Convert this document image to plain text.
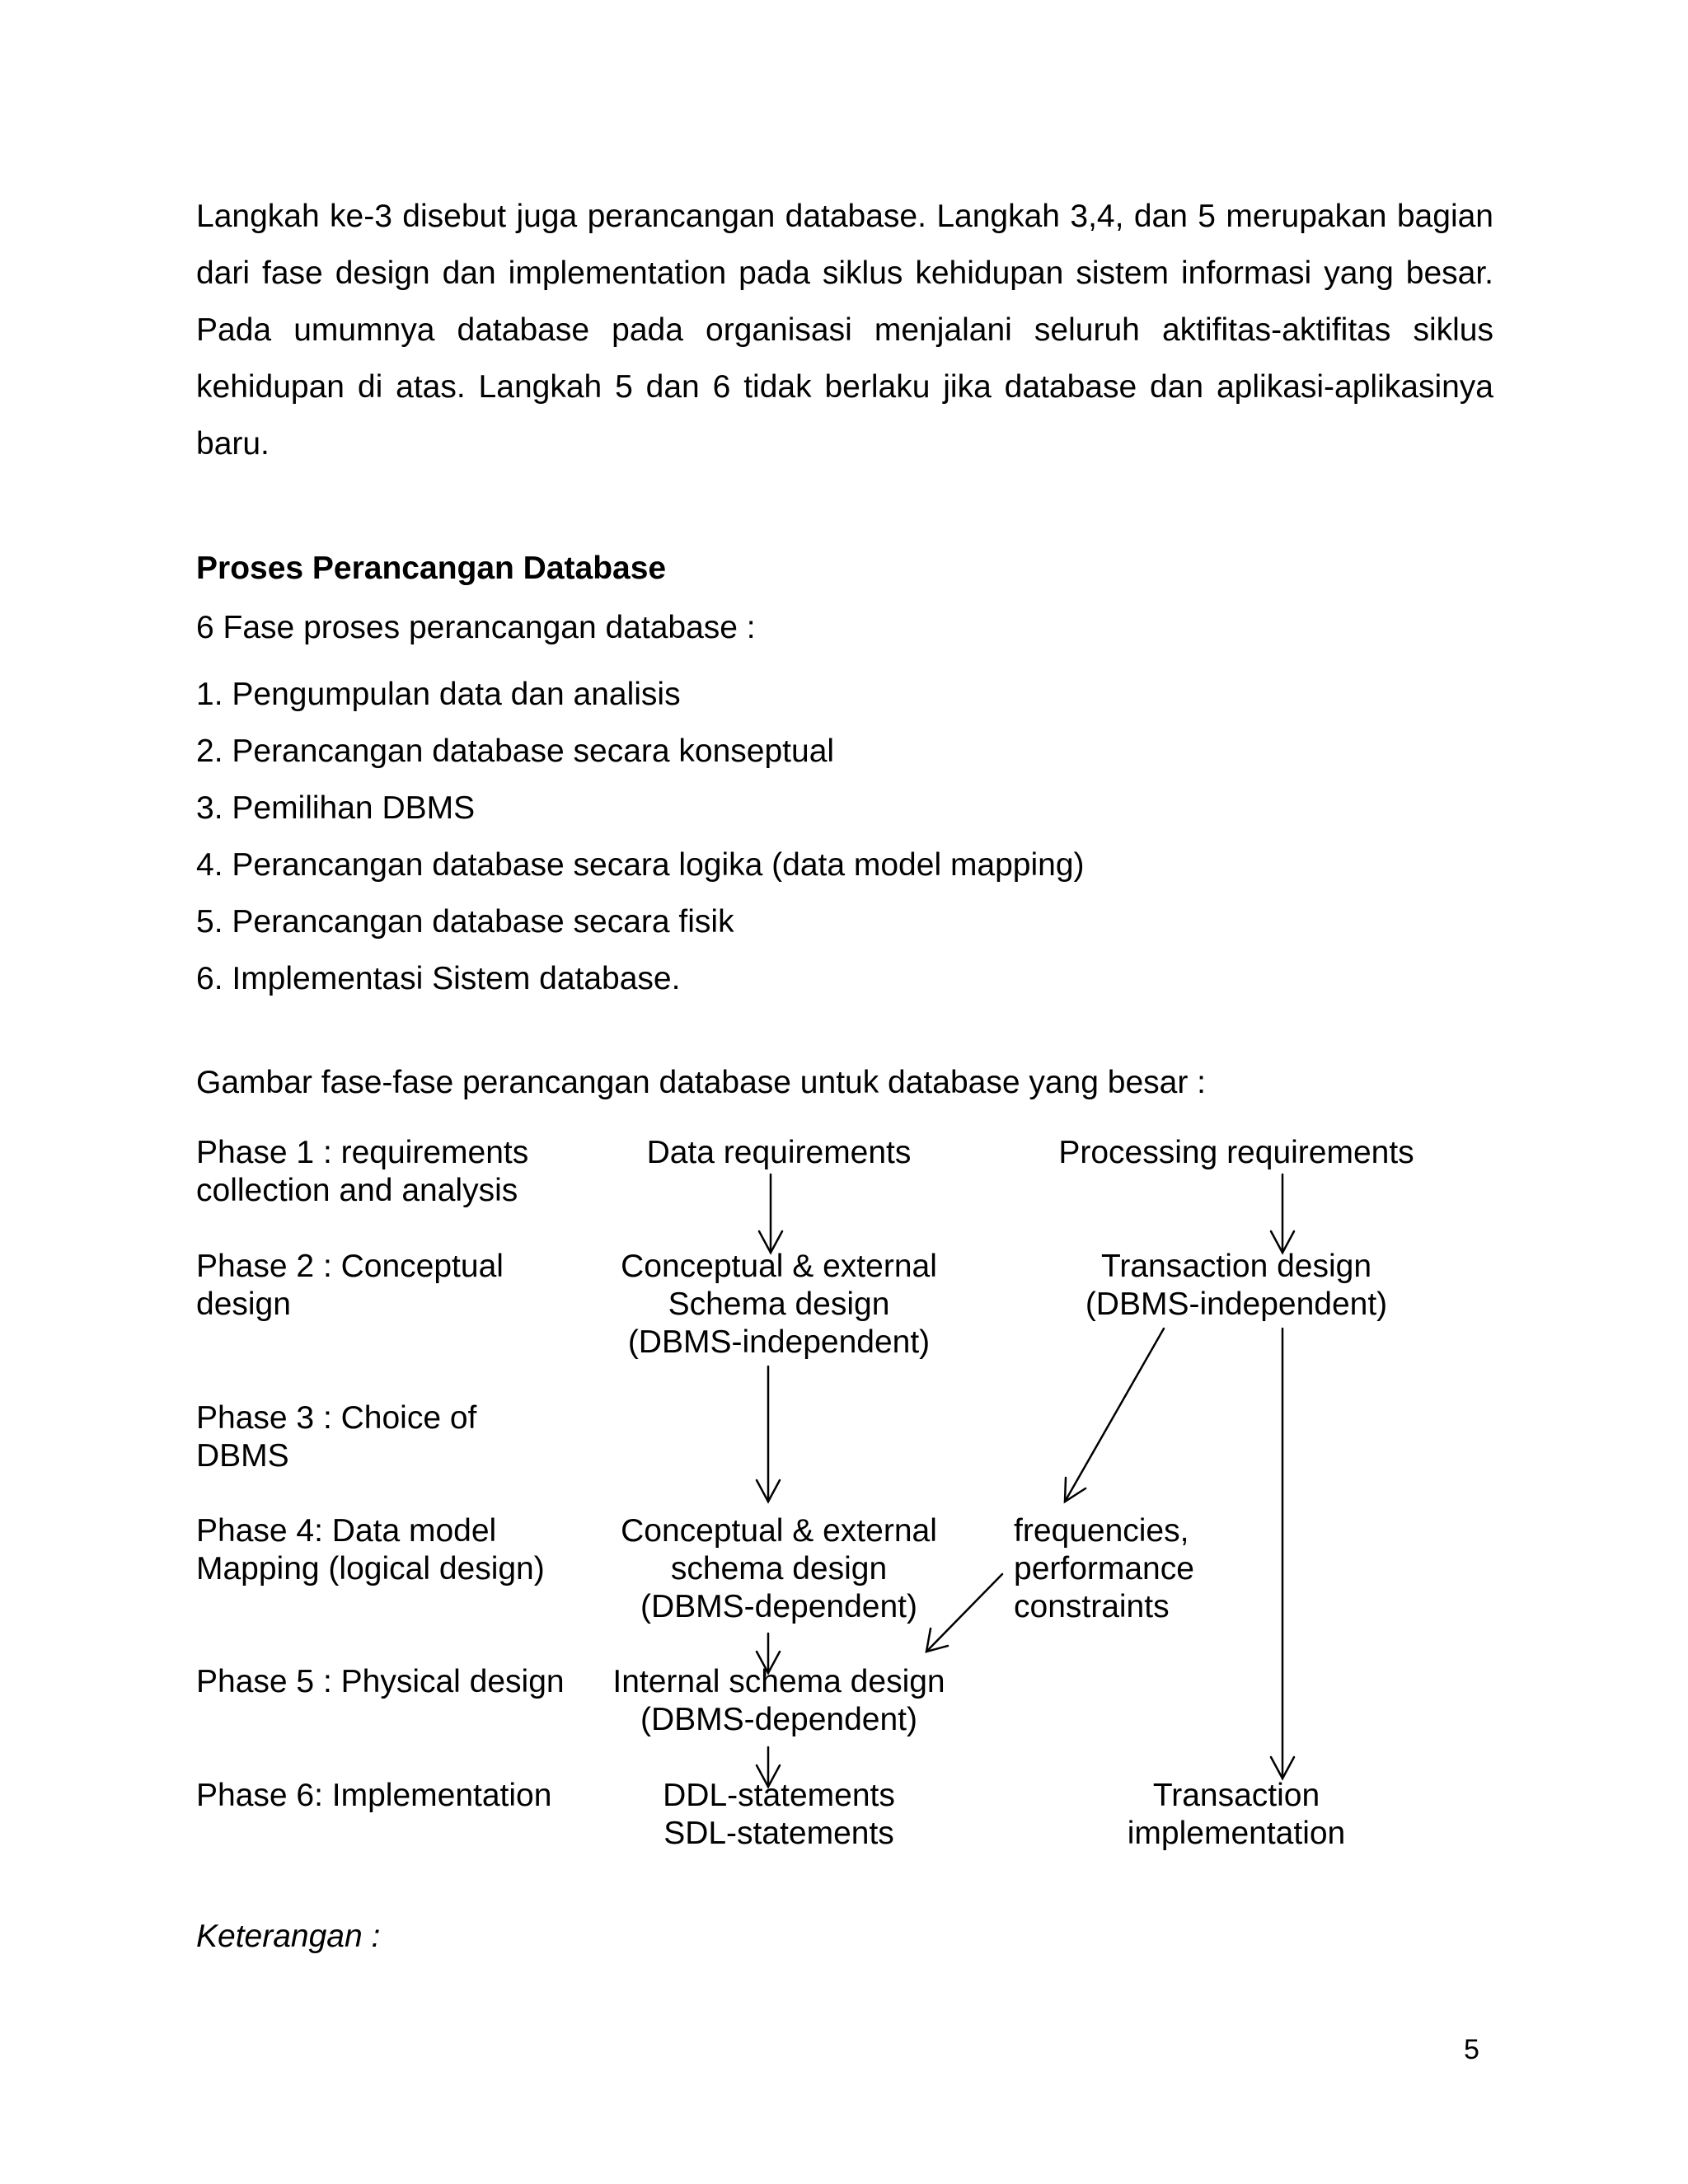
Langkah ke-3 disebut juga perancangan database. Langkah 3,4, dan 5 merupakan bagian dari fase design dan implementation pada siklus kehidupan sistem informasi yang besar. Pada umumnya database pada organisasi menjalani seluruh aktifitas-aktifitas siklus kehidupan di atas. Langkah 5 dan 6 tidak berlaku jika database dan aplikasi-aplikasinya baru.

Proses Perancangan Database

6 Fase proses perancangan database :

1. Pengumpulan data dan analisis
2. Perancangan database secara konseptual
3. Pemilihan DBMS
4. Perancangan database secara logika (data model mapping)
5. Perancangan database secara fisik
6. Implementasi Sistem database.

Gambar fase-fase perancangan database untuk database yang besar :

Phase 1 : requirements
collection and analysis

Phase 2 : Conceptual
design

Phase 3 : Choice of
DBMS

Phase 4: Data model
Mapping (logical design)

Phase 5 : Physical design

Phase 6: Implementation

Data requirements

Conceptual & external
Schema design
(DBMS-independent)

Conceptual & external
schema design
(DBMS-dependent)

Internal schema design
(DBMS-dependent)

DDL-statements
SDL-statements

Processing requirements

Transaction design
(DBMS-independent)

frequencies,
performance
constraints

Transaction
implementation

Keterangan :

5
